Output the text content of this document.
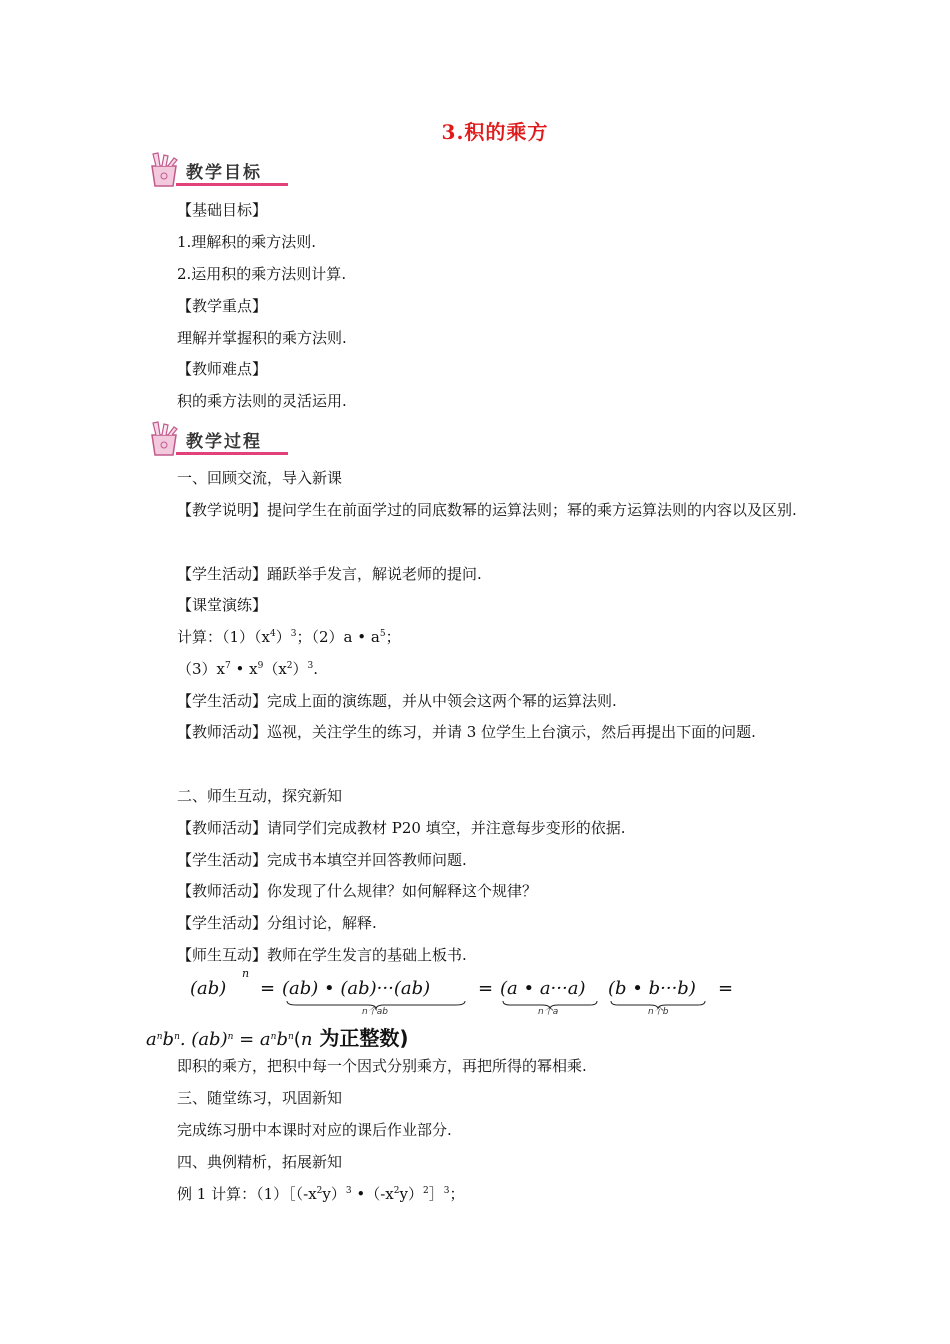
3.积的乘方
教学目标
【基础目标】
1.理解积的乘方法则.
2.运用积的乘方法则计算.
【教学重点】
理解并掌握积的乘方法则.
【教师难点】
积的乘方法则的灵活运用.
教学过程
一、回顾交流，导入新课
【教学说明】提问学生在前面学过的同底数幂的运算法则；幂的乘方运算法则的内容以及区别.
【学生活动】踊跃举手发言，解说老师的提问.
【课堂演练】
计算：$(1)(x^4)^3$；（2）a • $a^5$；
$(3)x^7$ • $x^9(x^2)^3$.
【学生活动】完成上面的演练题，并从中领会这两个幂的运算法则.
【教师活动】巡视，关注学生的练习，并请 3 位学生上台演示，然后再提出下面的问题.
二、师生互动，探究新知
【教师活动】请同学们完成教材 P20 填空，并注意每步变形的依据.
【学生活动】完成书本填空并回答教师问题.
【教师活动】你发现了什么规律？如何解释这个规律？
【学生活动】分组讨论，解释.
【师生互动】教师在学生发言的基础上板书.
(ab)
n
= (ab) • (ab)···(ab)
n个ab
= (a • a···a)
n个a
(b • b···b)
n个b
=
$a^nb^n$. $(ab)^n = a^nb^n(n$ 为正整数)
即积的乘方，把积中每一个因式分别乘方，再把所得的幂相乘.
三、随堂练习，巩固新知
完成练习册中本课时对应的课后作业部分.
四、典例精析，拓展新知
例 1 计算：$(1)[(-x^2y)^3$ $•(-x^2y)^2]^3$；
